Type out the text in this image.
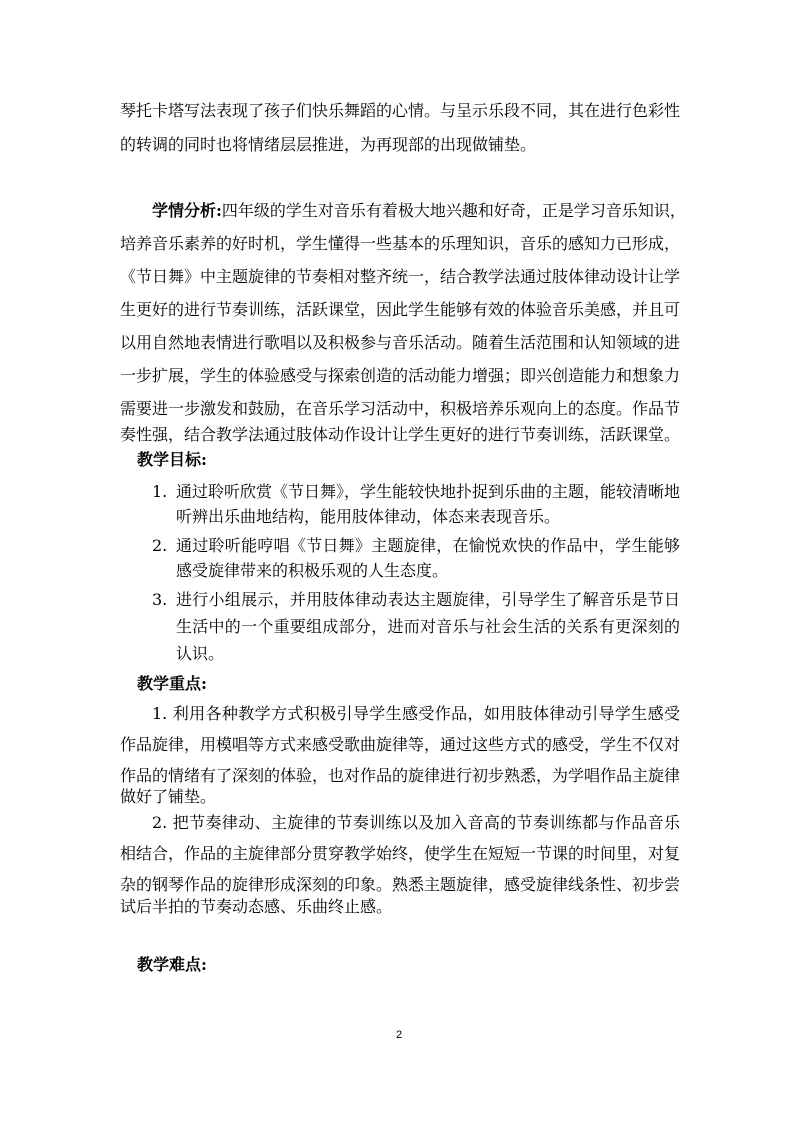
琴托卡塔写法表现了孩子们快乐舞蹈的心情。与呈示乐段不同，其在进行色彩性
的转调的同时也将情绪层层推进，为再现部的出现做铺垫。
学情分析:四年级的学生对音乐有着极大地兴趣和好奇，正是学习音乐知识，
培养音乐素养的好时机，学生懂得一些基本的乐理知识，音乐的感知力已形成，
《节日舞》中主题旋律的节奏相对整齐统一，结合教学法通过肢体律动设计让学
生更好的进行节奏训练，活跃课堂，因此学生能够有效的体验音乐美感，并且可
以用自然地表情进行歌唱以及积极参与音乐活动。随着生活范围和认知领域的进
一步扩展，学生的体验感受与探索创造的活动能力增强；即兴创造能力和想象力
需要进一步激发和鼓励，在音乐学习活动中，积极培养乐观向上的态度。作品节
奏性强，结合教学法通过肢体动作设计让学生更好的进行节奏训练，活跃课堂。
教学目标:
1. 通过聆听欣赏《节日舞》，学生能较快地扑捉到乐曲的主题，能较清晰地
听辨出乐曲地结构，能用肢体律动，体态来表现音乐。
2. 通过聆听能哼唱《节日舞》主题旋律，在愉悦欢快的作品中，学生能够
感受旋律带来的积极乐观的人生态度。
3. 进行小组展示，并用肢体律动表达主题旋律，引导学生了解音乐是节日
生活中的一个重要组成部分，进而对音乐与社会生活的关系有更深刻的
认识。
教学重点:
1. 利用各种教学方式积极引导学生感受作品，如用肢体律动引导学生感受
作品旋律，用模唱等方式来感受歌曲旋律等，通过这些方式的感受，学生不仅对
作品的情绪有了深刻的体验，也对作品的旋律进行初步熟悉，为学唱作品主旋律
做好了铺垫。
2. 把节奏律动、主旋律的节奏训练以及加入音高的节奏训练都与作品音乐
相结合，作品的主旋律部分贯穿教学始终，使学生在短短一节课的时间里，对复
杂的钢琴作品的旋律形成深刻的印象。熟悉主题旋律，感受旋律线条性、初步尝
试后半拍的节奏动态感、乐曲终止感。
教学难点:
2
